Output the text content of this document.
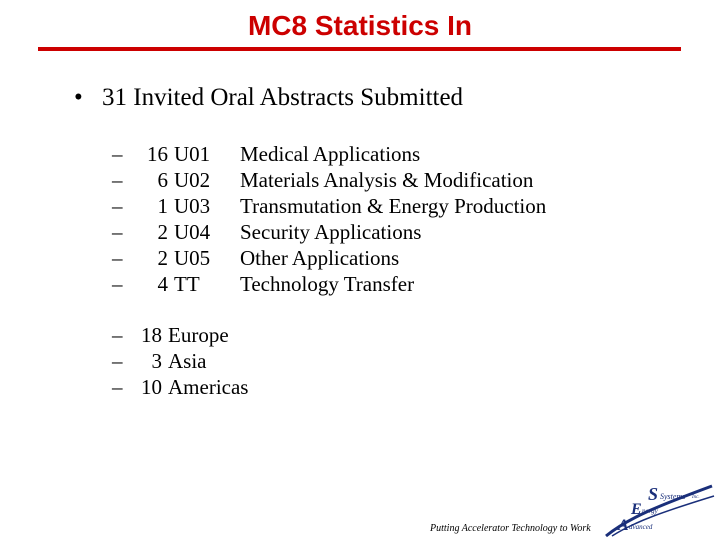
MC8 Statistics In
• 31 Invited Oral Abstracts Submitted
– 16 U01 Medical Applications
– 6 U02 Materials Analysis & Modification
– 1 U03 Transmutation & Energy Production
– 2 U04 Security Applications
– 2 U05 Other Applications
– 4 TT Technology Transfer
– 18 Europe
– 3 Asia
– 10 Americas
Putting Accelerator Technology to Work
S Systems Inc.
E nergy
A dvanced
